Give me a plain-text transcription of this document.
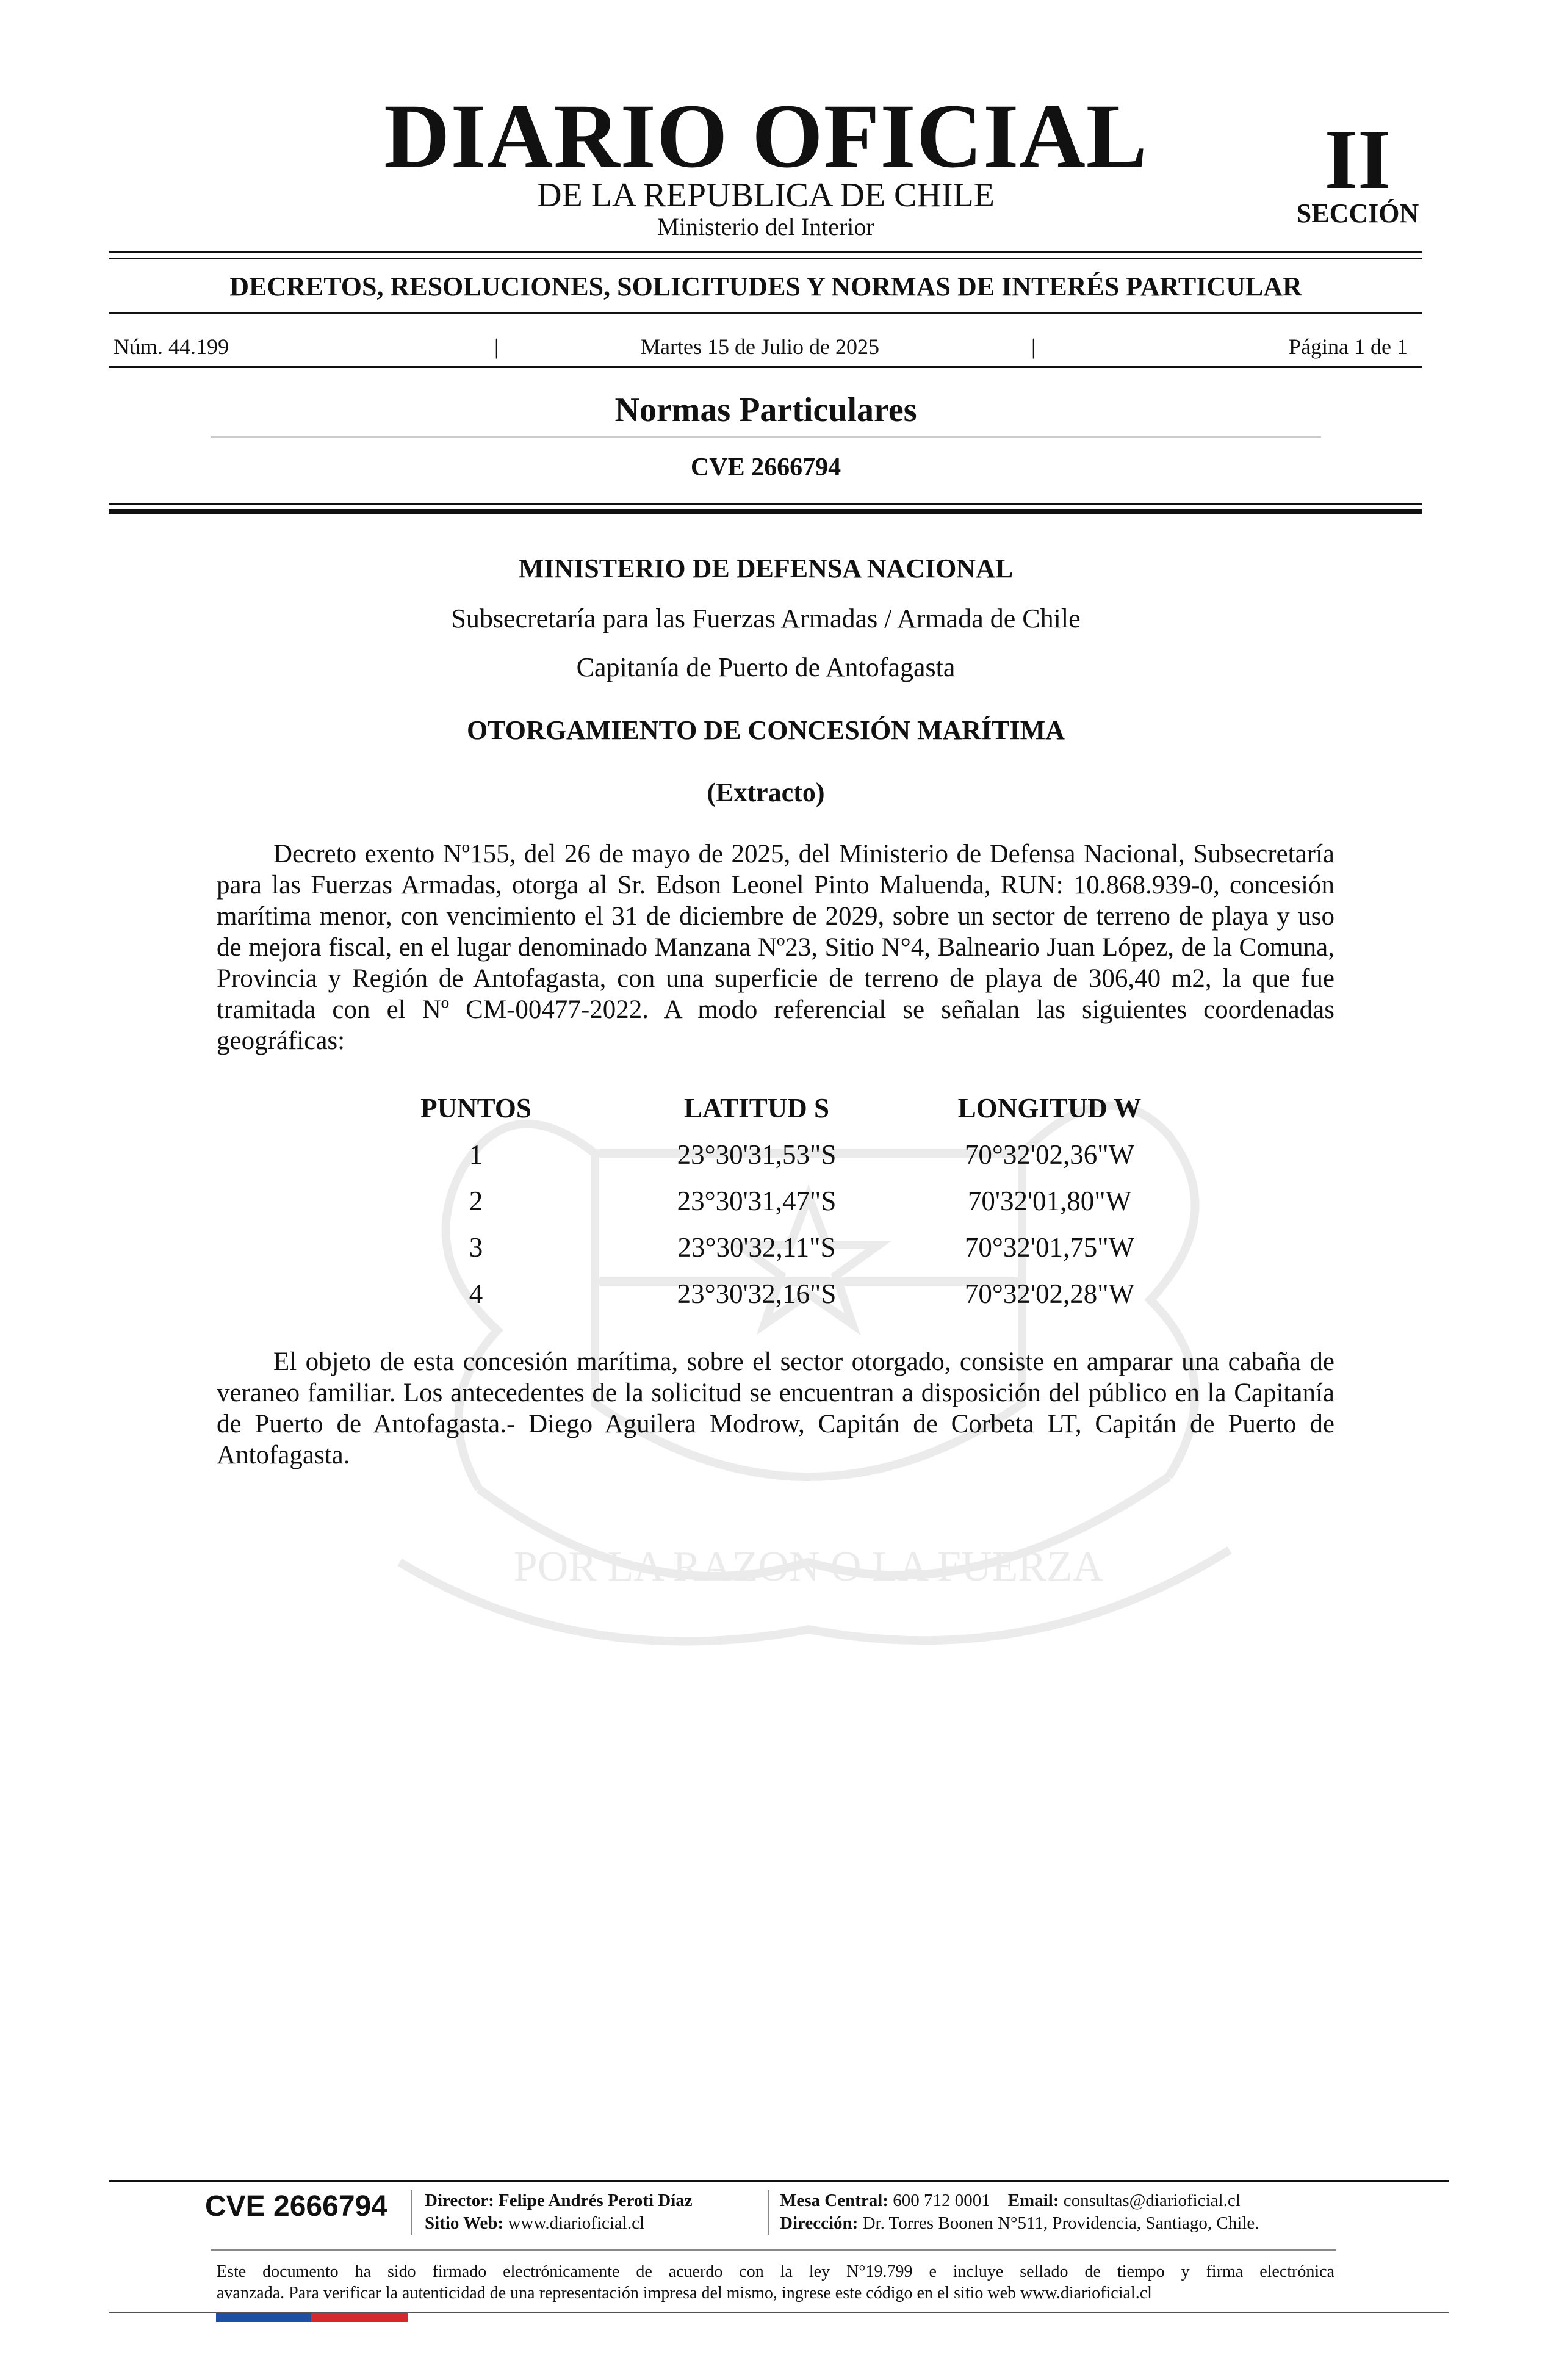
POR LA RAZON O LA FUERZA
DIARIO OFICIAL
DE LA REPUBLICA DE CHILE
Ministerio del Interior
II
SECCIÓN
DECRETOS, RESOLUCIONES, SOLICITUDES Y NORMAS DE INTERÉS PARTICULAR
Núm. 44.199	|	Martes 15 de Julio de 2025	|	Página 1 de 1
Normas Particulares
CVE 2666794
MINISTERIO DE DEFENSA NACIONAL
Subsecretaría para las Fuerzas Armadas / Armada de Chile
Capitanía de Puerto de Antofagasta
OTORGAMIENTO DE CONCESIÓN MARÍTIMA
(Extracto)
Decreto exento Nº155, del 26 de mayo de 2025, del Ministerio de Defensa Nacional, Subsecretaría para las Fuerzas Armadas, otorga al Sr. Edson Leonel Pinto Maluenda, RUN: 10.868.939-0, concesión marítima menor, con vencimiento el 31 de diciembre de 2029, sobre un sector de terreno de playa y uso de mejora fiscal, en el lugar denominado Manzana Nº23, Sitio N°4, Balneario Juan López, de la Comuna, Provincia y Región de Antofagasta, con una superficie de terreno de playa de 306,40 m2, la que fue tramitada con el Nº CM-00477-2022. A modo referencial se señalan las siguientes coordenadas geográficas:
PUNTOS	LATITUD S	LONGITUD W
1	23°30'31,53"S	70°32'02,36"W
2	23°30'31,47"S	70'32'01,80"W
3	23°30'32,11"S	70°32'01,75"W
4	23°30'32,16"S	70°32'02,28"W
El objeto de esta concesión marítima, sobre el sector otorgado, consiste en amparar una cabaña de veraneo familiar. Los antecedentes de la solicitud se encuentran a disposición del público en la Capitanía de Puerto de Antofagasta.- Diego Aguilera Modrow, Capitán de Corbeta LT, Capitán de Puerto de Antofagasta.
CVE 2666794 Director: Felipe Andrés Peroti Díaz
Sitio Web: www.diarioficial.cl
Mesa Central: 600 712 0001 Email: consultas@diarioficial.cl
Dirección: Dr. Torres Boonen N°511, Providencia, Santiago, Chile.
Este documento ha sido firmado electrónicamente de acuerdo con la ley N°19.799 e incluye sellado de tiempo y firma electrónica
avanzada. Para verificar la autenticidad de una representación impresa del mismo, ingrese este código en el sitio web www.diarioficial.cl
